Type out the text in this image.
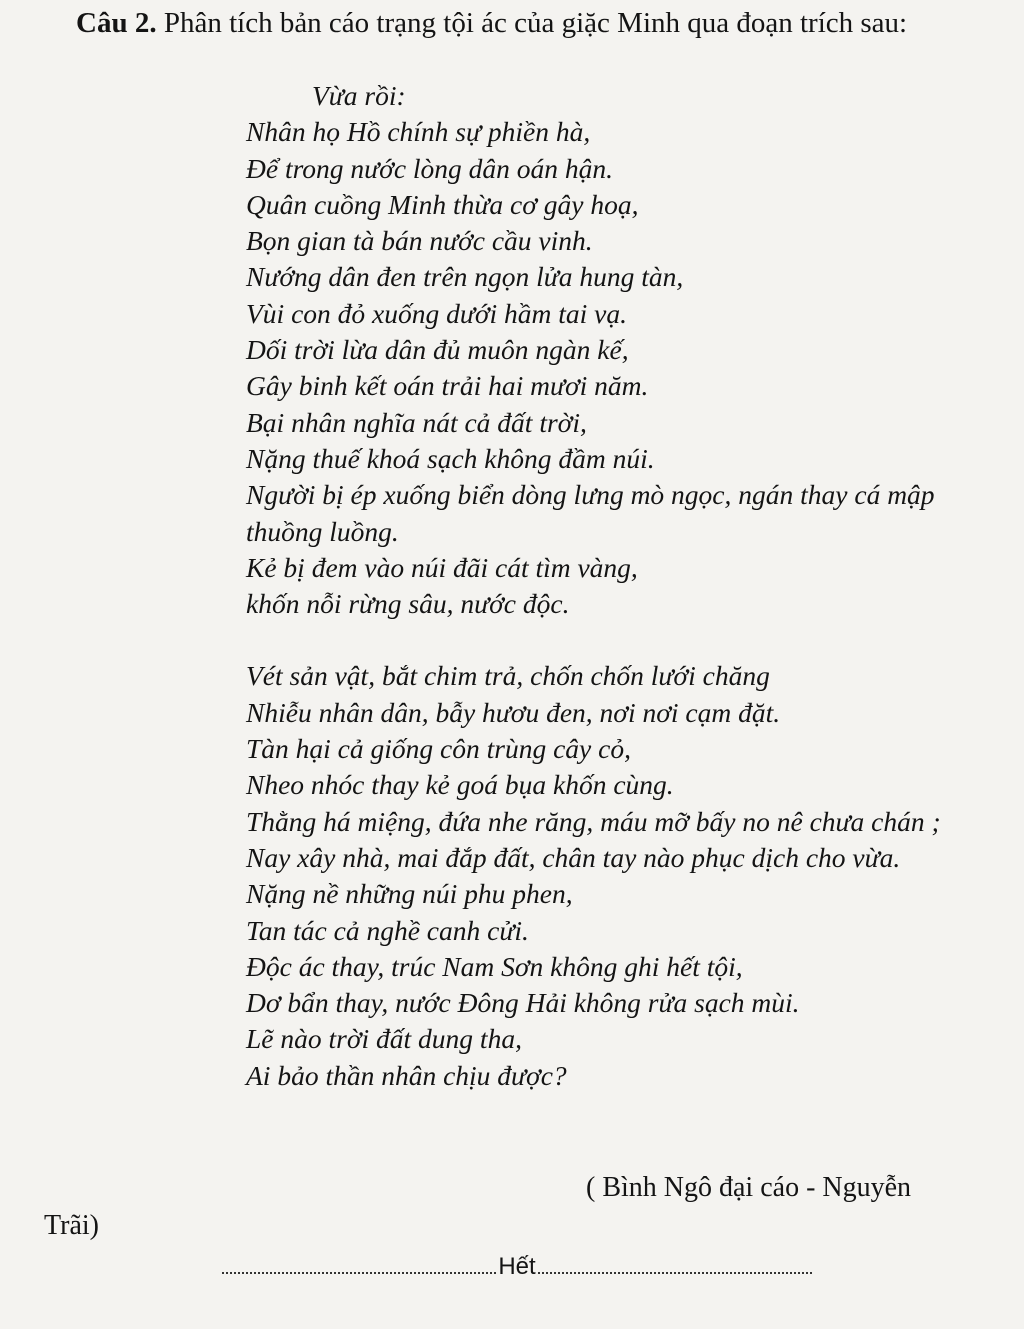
Câu 2. Phân tích bản cáo trạng tội ác của giặc Minh qua đoạn trích sau:
Vừa rồi:
Nhân họ Hồ chính sự phiền hà,
Để trong nước lòng dân oán hận.
Quân cuồng Minh thừa cơ gây hoạ,
Bọn gian tà bán nước cầu vinh.
Nướng dân đen trên ngọn lửa hung tàn,
Vùi con đỏ xuống dưới hầm tai vạ.
Dối trời lừa dân đủ muôn ngàn kế,
Gây binh kết oán trải hai mươi năm.
Bại nhân nghĩa nát cả đất trời,
Nặng thuế khoá sạch không đầm núi.
Người bị ép xuống biển dòng lưng mò ngọc, ngán thay cá mập thuồng luồng.
Kẻ bị đem vào núi đãi cát tìm vàng,
khốn nỗi rừng sâu, nước độc.
Vét sản vật, bắt chim trả, chốn chốn lưới chăng
Nhiễu nhân dân, bẫy hươu đen, nơi nơi cạm đặt.
Tàn hại cả giống côn trùng cây cỏ,
Nheo nhóc thay kẻ goá bụa khốn cùng.
Thằng há miệng, đứa nhe răng, máu mỡ bấy no nê chưa chán ;
Nay xây nhà, mai đắp đất, chân tay nào phục dịch cho vừa.
Nặng nề những núi phu phen,
Tan tác cả nghề canh cửi.
Độc ác thay, trúc Nam Sơn không ghi hết tội,
Dơ bẩn thay, nước Đông Hải không rửa sạch mùi.
Lẽ nào trời đất dung tha,
Ai bảo thần nhân chịu được?
( Bình Ngô đại cáo - Nguyễn
Trãi)
Hết
